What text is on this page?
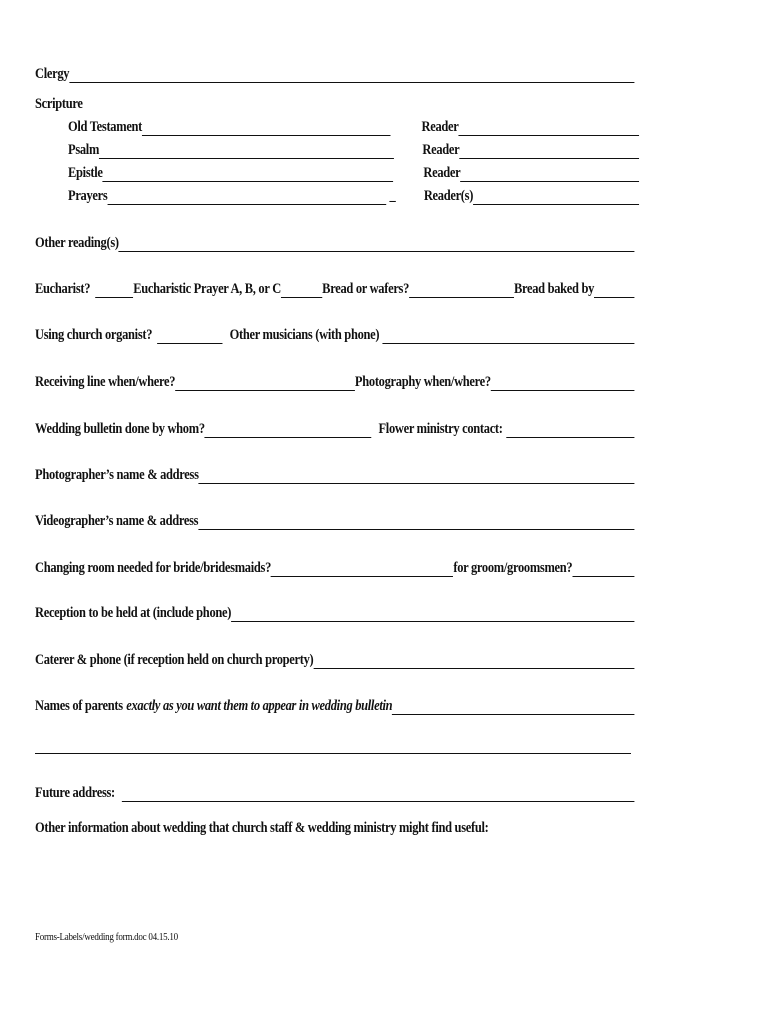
Clergy
Scripture
Old Testament	Reader
Psalm	Reader
Epistle	Reader
Prayers	_ Reader(s)
Other reading(s)
Eucharist?	Eucharistic Prayer A, B, or C	Bread or wafers?	Bread baked by
Using church organist?	Other musicians (with phone)
Receiving line when/where?	Photography when/where?
Wedding bulletin done by whom?	Flower ministry contact:
Photographer’s name & address
Videographer’s name & address
Changing room needed for bride/bridesmaids?	for groom/groomsmen?
Reception to be held at (include phone)
Caterer & phone (if reception held on church property)
Names of parents exactly as you want them to appear in wedding bulletin
Future address:
Other information about wedding that church staff & wedding ministry might find useful:
Forms-Labels/wedding form.doc 04.15.10
